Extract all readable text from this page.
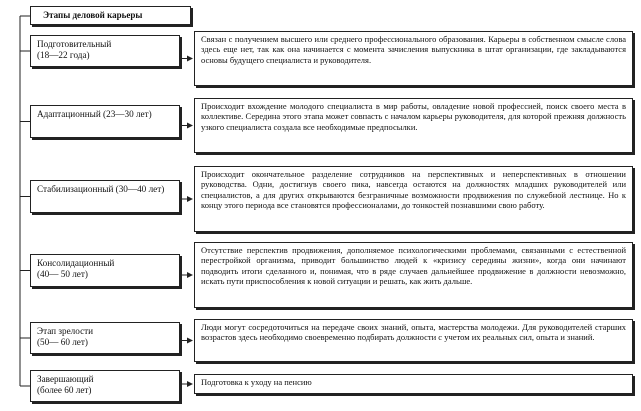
Этапы деловой карьеры
Подготовительный
(18—22 года)
Связан с получением высшего или среднего профессионального образования. Карьеры в собственном смысле слова здесь еще нет, так как она начинается с момента зачисления выпускника в штат организации, где закладываются основы будущего специалиста и руководителя.
Адаптационный (23—30 лет)
Происходит вхождение молодого специалиста в мир работы, овладение новой профессией, поиск своего места в коллективе. Середина этого этапа может совпасть с началом карьеры руководителя, для которой прежняя должность узкого специалиста создала все необходимые предпосылки.
Стабилизационный (30—40 лет)
Происходит окончательное разделение сотрудников на перспективных и неперспективных в отношении руководства. Одни, достигнув своего пика, навсегда остаются на должностях младших руководителей или специалистов, а для других открываются безграничные возможности продвижения по служебной лестнице. Но к концу этого периода все становятся профессионалами, до тонкостей познавшими свою работу.
Консолидационный
(40— 50 лет)
Отсутствие перспектив продвижения, дополняемое психологическими проблемами, связанными с естественной перестройкой организма, приводит большинство людей к «кризису середины жизни», когда они начинают подводить итоги сделанного и, понимая, что в ряде случаев дальнейшее продвижение в должности невозможно, искать пути приспособления к новой ситуации и решать, как жить дальше.
Этап зрелости
(50— 60 лет)
Люди могут сосредоточиться на передаче своих знаний, опыта, мастерства молодежи. Для руководителей старших возрастов здесь необходимо своевременно подбирать должности с учетом их реальных сил, опыта и знаний.
Завершающий
(более 60 лет)
Подготовка к уходу на пенсию
